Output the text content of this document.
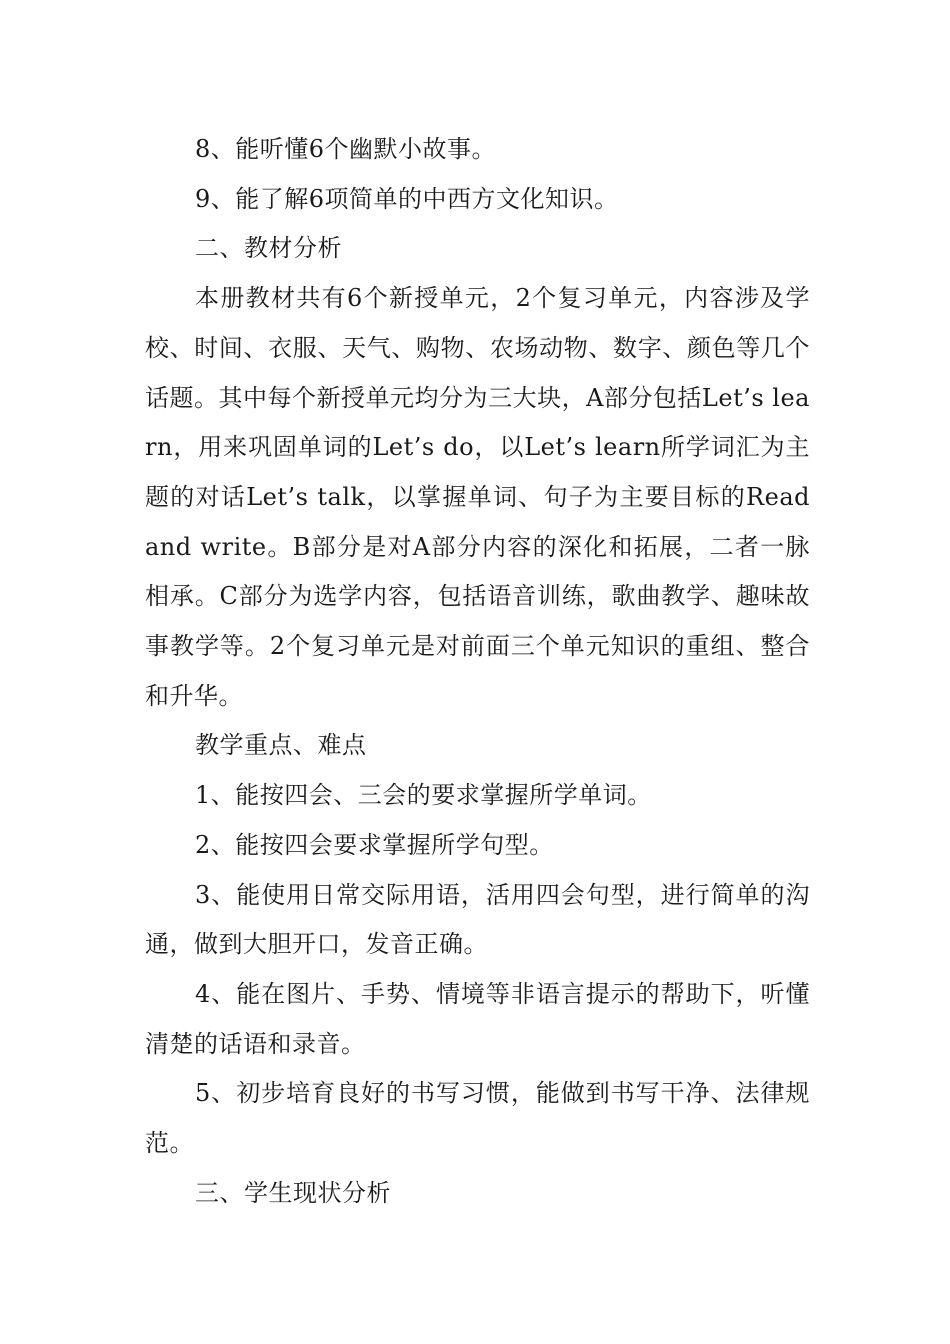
8、能听懂6个幽默小故事。

9、能了解6项简单的中西方文化知识。

二、教材分析

本册教材共有6个新授单元，2个复习单元，内容涉及学校、时间、衣服、天气、购物、农场动物、数字、颜色等几个话题。其中每个新授单元均分为三大块，A部分包括Let’s learn，用来巩固单词的Let’s do，以Let’s learn所学词汇为主题的对话Let’s talk，以掌握单词、句子为主要目标的Read and write。B部分是对A部分内容的深化和拓展，二者一脉相承。C部分为选学内容，包括语音训练，歌曲教学、趣味故事教学等。2个复习单元是对前面三个单元知识的重组、整合和升华。

教学重点、难点

1、能按四会、三会的要求掌握所学单词。

2、能按四会要求掌握所学句型。

3、能使用日常交际用语，活用四会句型，进行简单的沟通，做到大胆开口，发音正确。

4、能在图片、手势、情境等非语言提示的帮助下，听懂清楚的话语和录音。

5、初步培育良好的书写习惯，能做到书写干净、法律规范。

三、学生现状分析
